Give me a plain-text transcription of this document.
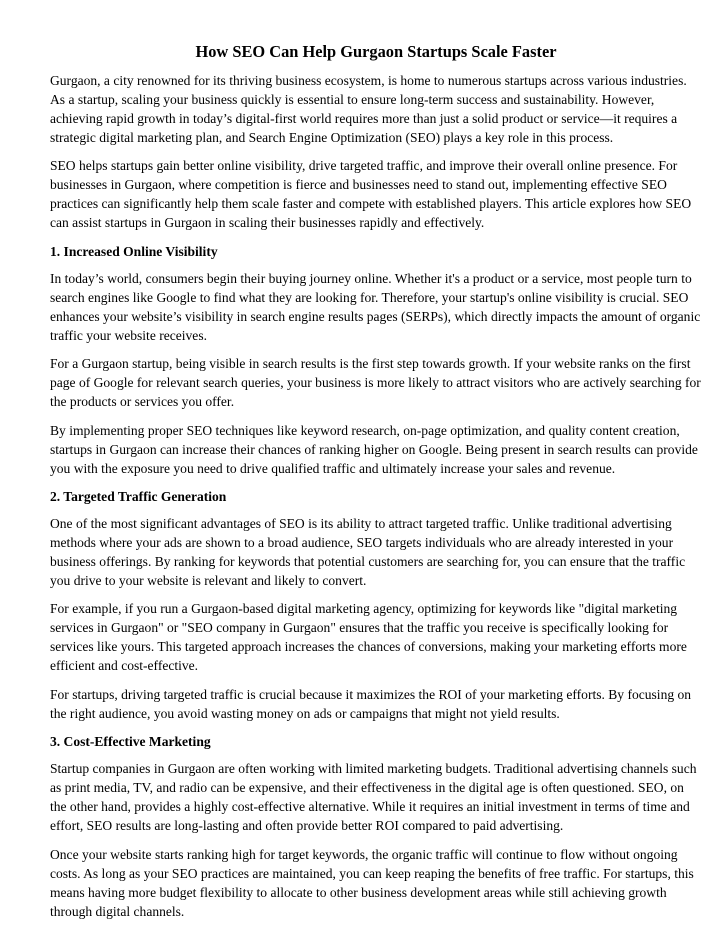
How SEO Can Help Gurgaon Startups Scale Faster

Gurgaon, a city renowned for its thriving business ecosystem, is home to numerous startups across various industries. As a startup, scaling your business quickly is essential to ensure long-term success and sustainability. However, achieving rapid growth in today’s digital-first world requires more than just a solid product or service—it requires a strategic digital marketing plan, and Search Engine Optimization (SEO) plays a key role in this process.

SEO helps startups gain better online visibility, drive targeted traffic, and improve their overall online presence. For businesses in Gurgaon, where competition is fierce and businesses need to stand out, implementing effective SEO practices can significantly help them scale faster and compete with established players. This article explores how SEO can assist startups in Gurgaon in scaling their businesses rapidly and effectively.

1. Increased Online Visibility

In today’s world, consumers begin their buying journey online. Whether it's a product or a service, most people turn to search engines like Google to find what they are looking for. Therefore, your startup's online visibility is crucial. SEO enhances your website’s visibility in search engine results pages (SERPs), which directly impacts the amount of organic traffic your website receives.

For a Gurgaon startup, being visible in search results is the first step towards growth. If your website ranks on the first page of Google for relevant search queries, your business is more likely to attract visitors who are actively searching for the products or services you offer.

By implementing proper SEO techniques like keyword research, on-page optimization, and quality content creation, startups in Gurgaon can increase their chances of ranking higher on Google. Being present in search results can provide you with the exposure you need to drive qualified traffic and ultimately increase your sales and revenue.

2. Targeted Traffic Generation

One of the most significant advantages of SEO is its ability to attract targeted traffic. Unlike traditional advertising methods where your ads are shown to a broad audience, SEO targets individuals who are already interested in your business offerings. By ranking for keywords that potential customers are searching for, you can ensure that the traffic you drive to your website is relevant and likely to convert.

For example, if you run a Gurgaon-based digital marketing agency, optimizing for keywords like "digital marketing services in Gurgaon" or "SEO company in Gurgaon" ensures that the traffic you receive is specifically looking for services like yours. This targeted approach increases the chances of conversions, making your marketing efforts more efficient and cost-effective.

For startups, driving targeted traffic is crucial because it maximizes the ROI of your marketing efforts. By focusing on the right audience, you avoid wasting money on ads or campaigns that might not yield results.

3. Cost-Effective Marketing

Startup companies in Gurgaon are often working with limited marketing budgets. Traditional advertising channels such as print media, TV, and radio can be expensive, and their effectiveness in the digital age is often questioned. SEO, on the other hand, provides a highly cost-effective alternative. While it requires an initial investment in terms of time and effort, SEO results are long-lasting and often provide better ROI compared to paid advertising.

Once your website starts ranking high for target keywords, the organic traffic will continue to flow without ongoing costs. As long as your SEO practices are maintained, you can keep reaping the benefits of free traffic. For startups, this means having more budget flexibility to allocate to other business development areas while still achieving growth through digital channels.
